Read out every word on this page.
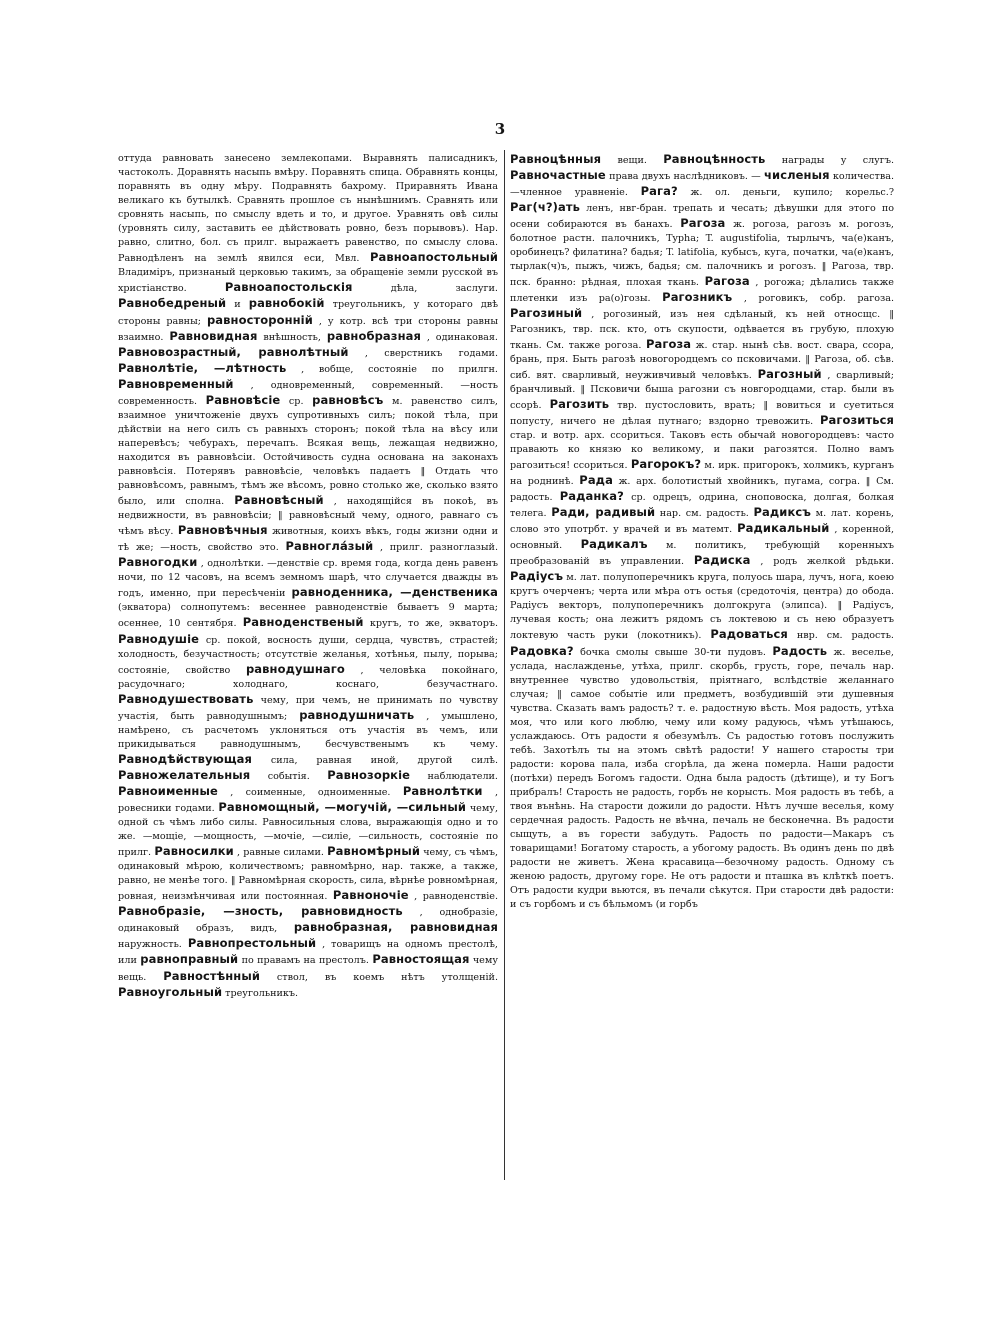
3

оттуда равновать занесено землекопами. Выравнять палисадникъ, частоколъ. Доравнять насыпь вмѣру. Поравнять спица. Обравнять концы, поравнять въ одну мѣру. Подравнять бахрому. Приравнять Ивана великаго къ бутылкѣ. Сравнять прошлое съ нынѣшнимъ. Сравнять или сровнять насыпь, по смыслу вдеть и то, и другое. Уравнять овѣ силы (уровнять силу, заставить ее дѣйствовать ровно, безъ порывовъ). Нар. равно, слитно, бол. съ прилг. выражаетъ равенство, по смыслу слова. Равнодѣленъ на землѣ явился еси, Мвл. Равноапостольный Владиміръ, признаный церковью такимъ, за обращеніе земли русской въ христіанство.	Равноапостольскія дѣла, заслуги. Равнобедреный и равнобокій треугольникъ, у котораго двѣ стороны равны; равносторонній , у котр. всѣ три стороны равны взаимно. Равновидная внѣшность, равнобразная , одинаковая. Равновозрастный, равнолѣтный , сверстникъ годами. Равнолѣтіе, —лѣтность , вобще, состояніе по прилгн. Равновременный , одновременный, современный. —ность современность. Равновѣсіе ср. равновѣсъ м. равенство силъ, взаимное уничтоженіе двухъ супротивныхъ силъ; покой тѣла, при дѣйствіи на него силъ съ равныхъ сторонъ; покой тѣла на вѣсу или наперевѣсъ; чебурахъ, перечапъ. Всякая вещь, лежащая недвижно, находится въ равновѣсіи. Остойчивость судна основана на законахъ равновѣсія. Потерявъ равновѣсіе, человѣкъ падаетъ ‖ Отдать что равновѣсомъ, равнымъ, тѣмъ же вѣсомъ, ровно столько же, сколько взято было, или сполна. Равновѣсный , находящійся въ покоѣ, въ недвижности, въ равновѣсіи; ‖ равновѣсный чему, одного, равнаго съ чѣмъ вѣсу. Равновѣчныя животныя, коихъ вѣкъ, годы жизни одни и тѣ же; —ность, свойство это. Равногла́зый , прилг. разноглазый. Равногодки , однолѣтки. —денствіе ср. время года, когда день равенъ ночи, по 12 часовъ, на всемъ земномъ шарѣ, что случается дважды въ годъ, именно, при пересѣченіи равноденника, —денственика (экватора) солнопутемъ: весеннее равноденствіе бываетъ 9 марта; осеннее, 10 сентября. Равноденственый кругъ, то же, экваторъ. Равнодушіе ср. покой, восность души, сердца, чувствъ, страстей; холодность, безучастность; отсутствіе желанья, хотѣнья, пылу, порыва; состояніе, свойство равнодушнаго , человѣка покойнаго, расудочнаго; холоднаго, коснаго, безучастнаго. Равнодушествовать чему, при чемъ, не принимать по чувству участія, быть равнодушнымъ; равнодушничать , умышлено, намѣрено, съ расчетомъ уклоняться отъ участія въ чемъ, или прикидываться равнодушнымъ, бесчувственымъ къ чему. Равнодѣйствующая сила, равная иной, другой силѣ. Равножелательныя событія. Равнозоркіе наблюдатели. Равноименные , соименные, одноименные. Равнолѣтки , ровесники годами. Равномощный, —могучій, —сильный чему, одной съ чѣмъ либо силы. Равносильныя слова, выражающія одно и то же. —мощіе, —мощность, —мочіе, —силіе, —сильность, состояніе по прилг. Равносилки , равные силами. Равномѣрный чему, съ чѣмъ, одинаковый мѣрою, количествомъ; равномѣрно, нар. также, а также, равно, не менѣе того. ‖ Равномѣрная скорость, сила, вѣрнѣе ровномѣрная, ровная, неизмѣнчивая или постоянная. Равноночіе , равноденствіе. Равнобразіе, —зность, равновидность , однобразіе, одинаковый образъ, видъ, равнобразная, равновидная наружность. Равнопрестольный , товарищъ на одномъ престолѣ, или равноправный по правамъ на престолъ. Равностоящая чему вещь. Равностѣнный ствол, въ коемъ нѣтъ утолщеній. Равноугольный треугольникъ.

Равноцѣнныя вещи. Равноцѣнность награды у слугъ. Равночастные права двухъ наслѣдниковъ. — численыя количества. —членное уравненіе. Рага? ж. ол. деньги, купило; корельс.? Раг(ч?)ать ленъ, нвг-бран. трепать и чесать; дѣвушки для этого по осени собираются въ банахъ. Рагоза ж. рогоза, рагозъ м. рогозъ, болотное растн. палочникъ, Typha; T. augustifolia, тырлычъ, ча(е)канъ, оробинецъ? филатина? бадья; T. latifolia, кубысъ, куга, початки, ча(е)канъ, тырлак(ч)ъ, пыжъ, чижъ, бадья; см. палочникъ и рогозъ. ‖ Рагоза, твр. пск. бранно: рѣдная, плохая ткань. Рагоза , рогожа; дѣлались также плетенки изъ ра(о)гозы. Рагозникъ , роговикъ, собр. рагоза. Рагозиный , рогозиный, изъ нея сдѣланый, къ ней относщс. ‖ Рагозникъ, твр. пск. кто, отъ скупости, одѣвается въ грубую, плохую ткань. См. также рогоза. Рагоза ж. стар. нынѣ сѣв. вост. свара, ссора, брань, пря. Быть рагозѣ новогородцемъ со псковичами. ‖ Рагоза, об. сѣв. сиб. вят. сварливый, неуживчивый человѣкъ. Рагозный , сварливый; бранчливый. ‖ Псковичи быша рагозни съ новгородцами, стар. были въ ссорѣ. Рагозить твр. пустословить, врать; ‖ вовиться и суетиться попусту, ничего не дѣлая путнаго; вздорно тревожить. Рагозиться стар. и вотр. арх. ссориться. Таковъ есть обычай новогородцевъ: часто правають ко князю ко великому, и паки рагозятся. Полно вамъ рагозиться! ссориться. Рагорокъ? м. ирк. пригорокъ, холмикъ, курганъ на роднинѣ. Рада ж. арх. болотистый хвойникъ, пугама, согра. ‖ См. радость. Раданка? ср. одрецъ, одрина, сноповоска, долгая, болкая телега. Ради, радивый нар. см. радость. Радиксъ м. лат. корень, слово это употрбт. у врачей и въ матемт. Радикальный , коренной, основный. Радикалъ м. политикъ, требующій коренныхъ преобразованій въ управлении. Радиска , родъ желкой рѣдьки. Радіусъ м. лат. полупоперечникъ круга, полуось шара, лучъ, нога, коею кругъ очерченъ; черта или мѣра отъ остья (средоточія, центра) до обода. Радіусъ векторъ, полупоперечникъ долгокруга (элипса). ‖ Радіусъ, лучевая кость; она лежитъ рядомъ съ локтевою и съ нею образуетъ локтевую часть руки (локотникъ). Радоваться нвр. см. радость. Радовка? бочка смолы свыше 30-ти пудовъ. Радость ж. веселье, услада, наслажденье, утѣха, прилг. скорбь, грусть, горе, печаль нар. внутреннее чувство удовольствія, пріятнаго, вслѣдствіе желаннаго случая; ‖ самое событіе или предметъ, возбудившій эти душевныя чувства. Сказать вамъ радость? т. е. радостную вѣсть. Моя радость, утѣха моя, что или кого люблю, чему или кому радуюсь, чѣмъ утѣшаюсь, услаждаюсь. Отъ радости я обезумѣлъ. Съ радостью готовъ послужить тебѣ. Захотѣлъ ты на этомъ свѣтѣ радости! У нашего старосты три радости: корова пала, изба сгорѣла, да жена померла. Наши радости (потѣхи) передъ Богомъ гадости. Одна была радость (дѣтище), и ту Богъ прибралъ! Старость не радость, горбъ не корысть. Моя радость въ тебѣ, а твоя вънѣнь. На старости дожили до радости. Нѣтъ лучше веселья, кому сердечная радость. Радость не вѣчна, печаль не бесконечна. Въ радости сыщуть, а въ горести забудуть. Радость по радости—Макаръ съ товарищами! Богатому старость, а убогому радость. Въ одинъ день по двѣ радости не живетъ. Жена красавица—безочному радость. Одному съ женою радость, другому горе. Не отъ радости и пташка въ клѣткѣ поетъ. Отъ радости кудри вьются, въ печали сѣкутся. При старости двѣ радости: и съ горбомъ и съ бѣльмомъ (и горбъ
